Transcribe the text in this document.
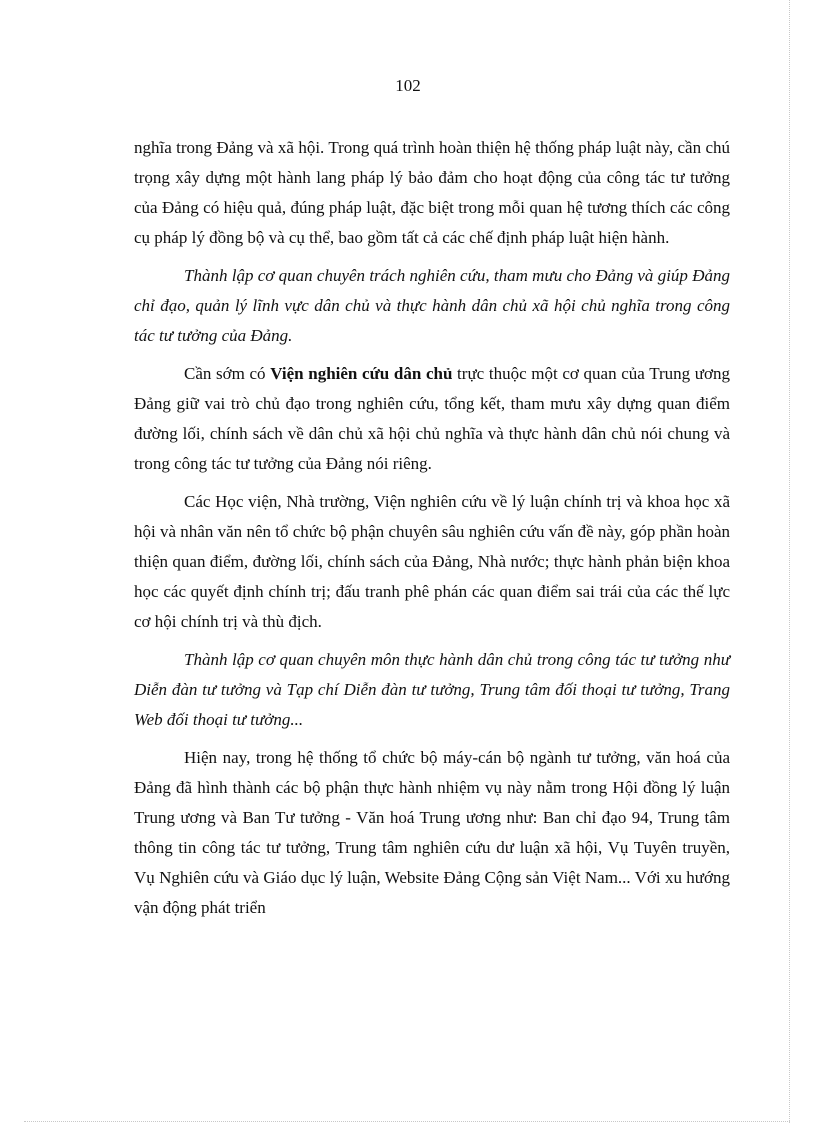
102

nghĩa trong Đảng và xã hội. Trong quá trình hoàn thiện hệ thống pháp luật này, cần chú trọng xây dựng một hành lang pháp lý bảo đảm cho hoạt động của công tác tư tưởng của Đảng có hiệu quả, đúng pháp luật, đặc biệt trong mỗi quan hệ tương thích các công cụ pháp lý đồng bộ và cụ thể, bao gồm tất cả các chế định pháp luật hiện hành.

Thành lập cơ quan chuyên trách nghiên cứu, tham mưu cho Đảng và giúp Đảng chỉ đạo, quản lý lĩnh vực dân chủ và thực hành dân chủ xã hội chủ nghĩa trong công tác tư tưởng của Đảng.

Cần sớm có Viện nghiên cứu dân chủ trực thuộc một cơ quan của Trung ương Đảng giữ vai trò chủ đạo trong nghiên cứu, tổng kết, tham mưu xây dựng quan điểm đường lối, chính sách về dân chủ xã hội chủ nghĩa và thực hành dân chủ nói chung và trong công tác tư tưởng của Đảng nói riêng.

Các Học viện, Nhà trường, Viện nghiên cứu về lý luận chính trị và khoa học xã hội và nhân văn nên tổ chức bộ phận chuyên sâu nghiên cứu vấn đề này, góp phần hoàn thiện quan điểm, đường lối, chính sách của Đảng, Nhà nước; thực hành phản biện khoa học các quyết định chính trị; đấu tranh phê phán các quan điểm sai trái của các thế lực cơ hội chính trị và thù địch.

Thành lập cơ quan chuyên môn thực hành dân chủ trong công tác tư tưởng như Diễn đàn tư tưởng và Tạp chí Diễn đàn tư tưởng, Trung tâm đối thoại tư tưởng, Trang Web đối thoại tư tưởng...

Hiện nay, trong hệ thống tổ chức bộ máy-cán bộ ngành tư tưởng, văn hoá của Đảng đã hình thành các bộ phận thực hành nhiệm vụ này nằm trong Hội đồng lý luận Trung ương và Ban Tư tưởng - Văn hoá Trung ương như: Ban chỉ đạo 94, Trung tâm thông tin công tác tư tưởng, Trung tâm nghiên cứu dư luận xã hội, Vụ Tuyên truyền, Vụ Nghiên cứu và Giáo dục lý luận, Website Đảng Cộng sản Việt Nam... Với xu hướng vận động phát triển
